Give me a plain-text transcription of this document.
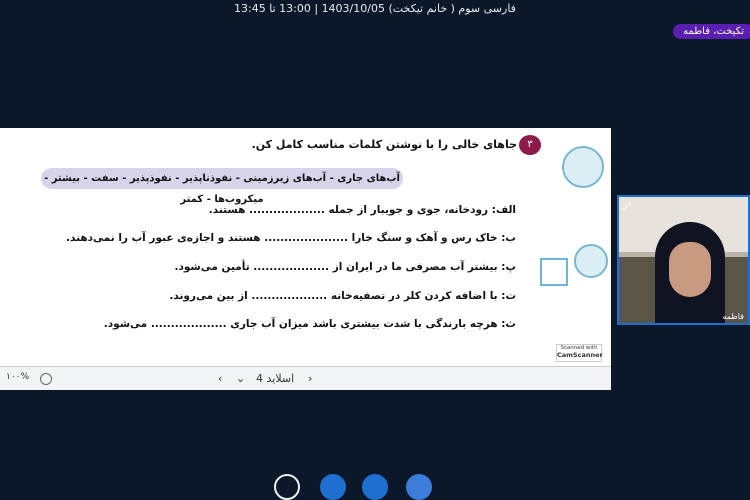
فارسی سوم ( خانم تیکخت) 1403/10/05 | 13:00 تا 13:45
تکیخت، فاطمه
۳
جاهای خالی را با نوشتن کلمات مناسب کامل کن.
آب‌های جاری - آب‌های زیرزمینی - نفوذناپذیر - نفوذپذیر - سفت - بیشتر - میکروب‌ها - کمتر
الف: رودخانه، جوی و جویبار از جمله ................... هستند.
ب: خاک رس و آهک و سنگ خارا ..................... هستند و اجازه‌ی عبور آب را نمی‌دهند.
پ: بیشتر آب مصرفی ما در ایران از ................... تأمین می‌شود.
ت: با اضافه کردن کلر در تصفیه‌خانه ................... از بین می‌روند.
ث: هرچه بارندگی با شدت بیشتری باشد میزان آب جاری ................... می‌شود.
Scanned with
CamScanner
۱۰۰%	‹ ⌄ اسلاید 4 ›
⤢
فاطمه
